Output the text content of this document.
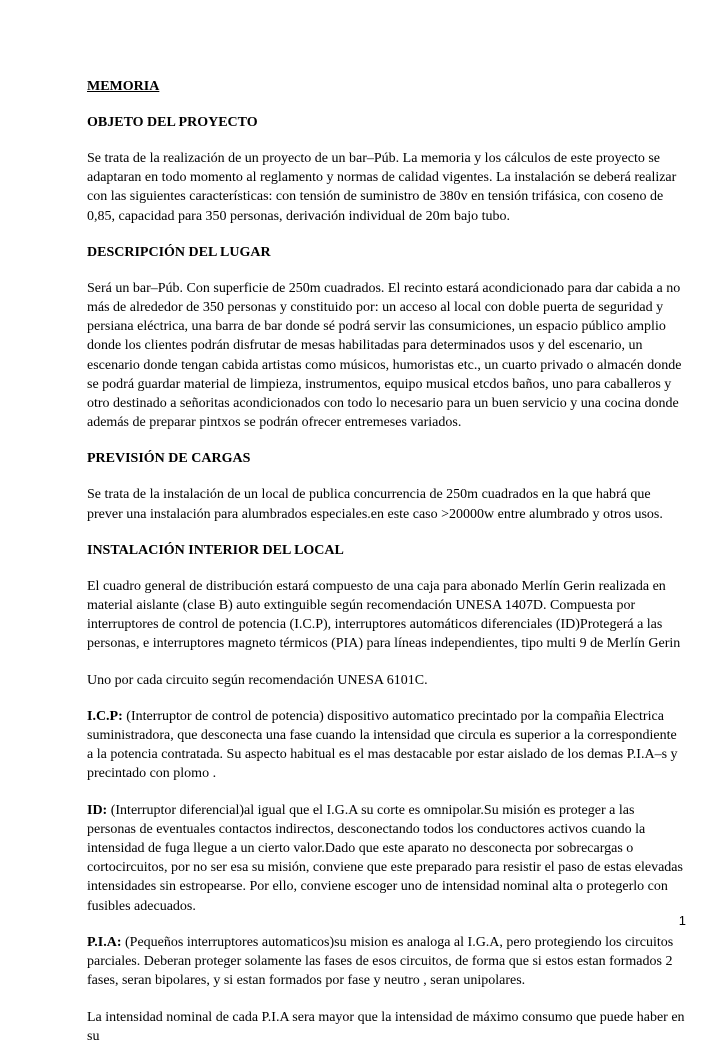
MEMORIA
OBJETO DEL PROYECTO
Se trata de la realización de un proyecto de un bar–Púb. La memoria y los cálculos de este proyecto se adaptaran en todo momento al reglamento y normas de calidad vigentes. La instalación se deberá realizar con las siguientes características: con tensión de suministro de 380v en tensión trifásica, con coseno de 0,85, capacidad para 350 personas, derivación individual de 20m bajo tubo.
DESCRIPCIÓN DEL LUGAR
Será un bar–Púb. Con superficie de 250m cuadrados. El recinto estará acondicionado para dar cabida a no más de alrededor de 350 personas y constituido por: un acceso al local con doble puerta de seguridad y persiana eléctrica, una barra de bar donde sé podrá servir las consumiciones, un espacio público amplio donde los clientes podrán disfrutar de mesas habilitadas para determinados usos y del escenario, un escenario donde tengan cabida artistas como músicos, humoristas etc., un cuarto privado o almacén donde se podrá guardar material de limpieza, instrumentos, equipo musical etcdos baños, uno para caballeros y otro destinado a señoritas acondicionados con todo lo necesario para un buen servicio y una cocina donde además de preparar pintxos se podrán ofrecer entremeses variados.
PREVISIÓN DE CARGAS
Se trata de la instalación de un local de publica concurrencia de 250m cuadrados en la que habrá que prever una instalación para alumbrados especiales.en este caso >20000w entre alumbrado y otros usos.
INSTALACIÓN INTERIOR DEL LOCAL
El cuadro general de distribución estará compuesto de una caja para abonado Merlín Gerin realizada en material aislante (clase B) auto extinguible según recomendación UNESA 1407D. Compuesta por interruptores de control de potencia (I.C.P), interruptores automáticos diferenciales (ID)Protegerá a las personas, e interruptores magneto térmicos (PIA) para líneas independientes, tipo multi 9 de Merlín Gerin
Uno por cada circuito según recomendación UNESA 6101C.
I.C.P: (Interruptor de control de potencia) dispositivo automatico precintado por la compañia Electrica suministradora, que desconecta una fase cuando la intensidad que circula es superior a la correspondiente a la potencia contratada. Su aspecto habitual es el mas destacable por estar aislado de los demas P.I.A–s y precintado con plomo .
ID: (Interruptor diferencial)al igual que el I.G.A su corte es omnipolar.Su misión es proteger a las personas de eventuales contactos indirectos, desconectando todos los conductores activos cuando la intensidad de fuga llegue a un cierto valor.Dado que este aparato no desconecta por sobrecargas o cortocircuitos, por no ser esa su misión, conviene que este preparado para resistir el paso de estas elevadas intensidades sin estropearse. Por ello, conviene escoger uno de intensidad nominal alta o protegerlo con fusibles adecuados.
P.I.A: (Pequeños interruptores automaticos)su mision es analoga al I.G.A, pero protegiendo los circuitos parciales. Deberan proteger solamente las fases de esos circuitos, de forma que si estos estan formados 2 fases, seran bipolares, y si estan formados por fase y neutro , seran unipolares.
La intensidad nominal de cada P.I.A sera mayor que la intensidad de máximo consumo que puede haber en su
1
